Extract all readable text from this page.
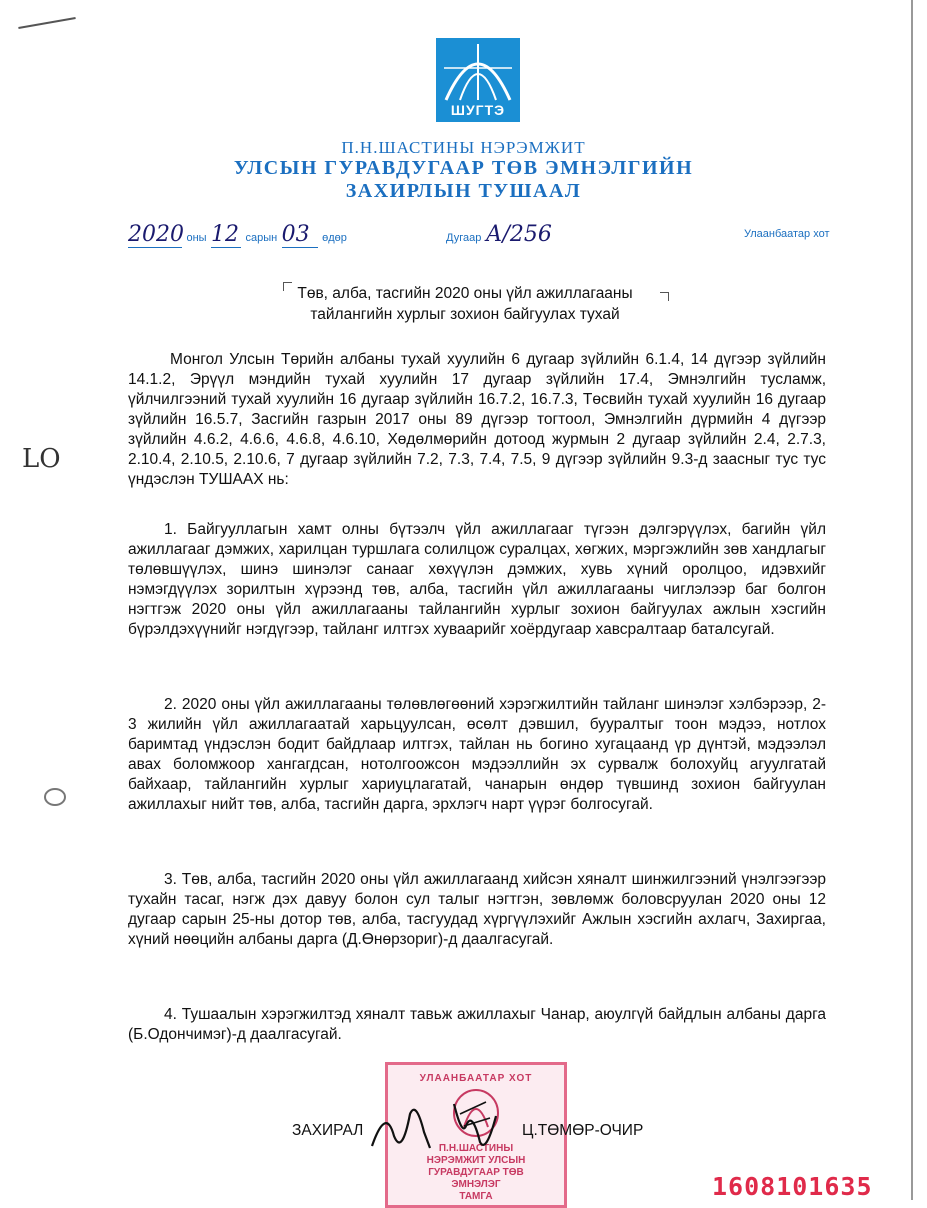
LO
ШУГТЭ
П.Н.ШАСТИНЫ НЭРЭМЖИТ
УЛСЫН ГУРАВДУГААР ТӨВ ЭМНЭЛГИЙН
ЗАХИРЛЫН ТУШААЛ
2020 оны 12 сарын 03 өдөр	Дугаар А/256	Улаанбаатар хот
Төв, алба, тасгийн 2020 оны үйл ажиллагааны
тайлангийн хурлыг зохион байгуулах тухай
Монгол Улсын Төрийн албаны тухай хуулийн 6 дугаар зүйлийн 6.1.4, 14 дүгээр зүйлийн 14.1.2, Эрүүл мэндийн тухай хуулийн 17 дугаар зүйлийн 17.4, Эмнэлгийн тусламж, үйлчилгээний тухай хуулийн 16 дугаар зүйлийн 16.7.2, 16.7.3, Төсвийн тухай хуулийн 16 дугаар зүйлийн 16.5.7, Засгийн газрын 2017 оны 89 дүгээр тогтоол, Эмнэлгийн дүрмийн 4 дүгээр зүйлийн 4.6.2, 4.6.6, 4.6.8, 4.6.10, Хөдөлмөрийн дотоод журмын 2 дугаар зүйлийн 2.4, 2.7.3, 2.10.4, 2.10.5, 2.10.6, 7 дугаар зүйлийн 7.2, 7.3, 7.4, 7.5, 9 дүгээр зүйлийн 9.3-д заасныг тус тус үндэслэн ТУШААХ нь:
1. Байгууллагын хамт олны бүтээлч үйл ажиллагааг түгээн дэлгэрүүлэх, багийн үйл ажиллагааг дэмжих, харилцан туршлага солилцож суралцах, хөгжих, мэргэжлийн зөв хандлагыг төлөвшүүлэх, шинэ шинэлэг санааг хөхүүлэн дэмжих, хувь хүний оролцоо, идэвхийг нэмэгдүүлэх зорилтын хүрээнд төв, алба, тасгийн үйл ажиллагааны чиглэлээр баг болгон нэгтгэж 2020 оны үйл ажиллагааны тайлангийн хурлыг зохион байгуулах ажлын хэсгийн бүрэлдэхүүнийг нэгдүгээр, тайланг илтгэх хуваарийг хоёрдугаар хавсралтаар баталсугай.
2. 2020 оны үйл ажиллагааны төлөвлөгөөний хэрэгжилтийн тайланг шинэлэг хэлбэрээр, 2-3 жилийн үйл ажиллагаатай харьцуулсан, өсөлт дэвшил, бууралтыг тоон мэдээ, нотлох баримтад үндэслэн бодит байдлаар илтгэх, тайлан нь богино хугацаанд үр дүнтэй, мэдээлэл авах боломжоор хангагдсан, нотолгоожсон мэдээллийн эх сурвалж болохуйц агуулгатай байхаар, тайлангийн хурлыг хариуцлагатай, чанарын өндөр түвшинд зохион байгуулан ажиллахыг нийт төв, алба, тасгийн дарга, эрхлэгч нарт үүрэг болгосугай.
3. Төв, алба, тасгийн 2020 оны үйл ажиллагаанд хийсэн хяналт шинжилгээний үнэлгээгээр тухайн тасаг, нэгж дэх давуу болон сул талыг нэгтгэн, зөвлөмж боловсруулан 2020 оны 12 дугаар сарын 25-ны дотор төв, алба, тасгуудад хүргүүлэхийг Ажлын хэсгийн ахлагч, Захиргаа, хүний нөөцийн албаны дарга (Д.Өнөрзориг)-д даалгасугай.
4. Тушаалын хэрэгжилтэд хяналт тавьж ажиллахыг Чанар, аюулгүй байдлын албаны дарга (Б.Одончимэг)-д даалгасугай.
УЛААНБААТАР ХОТ
П.Н.ШАСТИНЫ
НЭРЭМЖИТ УЛСЫН
ГУРАВДУГААР ТӨВ
ЭМНЭЛЭГ
ТАМГА
ЗАХИРАЛ	Ц.ТӨМӨР-ОЧИР
1608101635
